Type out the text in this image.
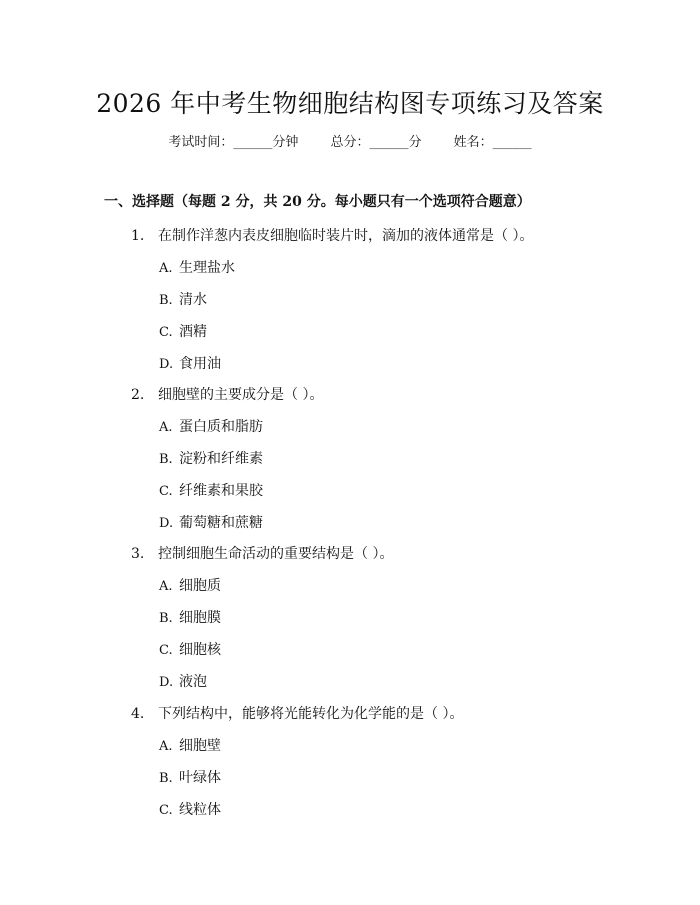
2026 年中考生物细胞结构图专项练习及答案
考试时间：______分钟 总分：______分 姓名：______
一、选择题（每题 2 分，共 20 分。每小题只有一个选项符合题意）
1. 在制作洋葱内表皮细胞临时装片时，滴加的液体通常是（ ）。
A. 生理盐水
B. 清水
C. 酒精
D. 食用油
2. 细胞壁的主要成分是（ ）。
A. 蛋白质和脂肪
B. 淀粉和纤维素
C. 纤维素和果胶
D. 葡萄糖和蔗糖
3. 控制细胞生命活动的重要结构是（ ）。
A. 细胞质
B. 细胞膜
C. 细胞核
D. 液泡
4. 下列结构中，能够将光能转化为化学能的是（ ）。
A. 细胞壁
B. 叶绿体
C. 线粒体
